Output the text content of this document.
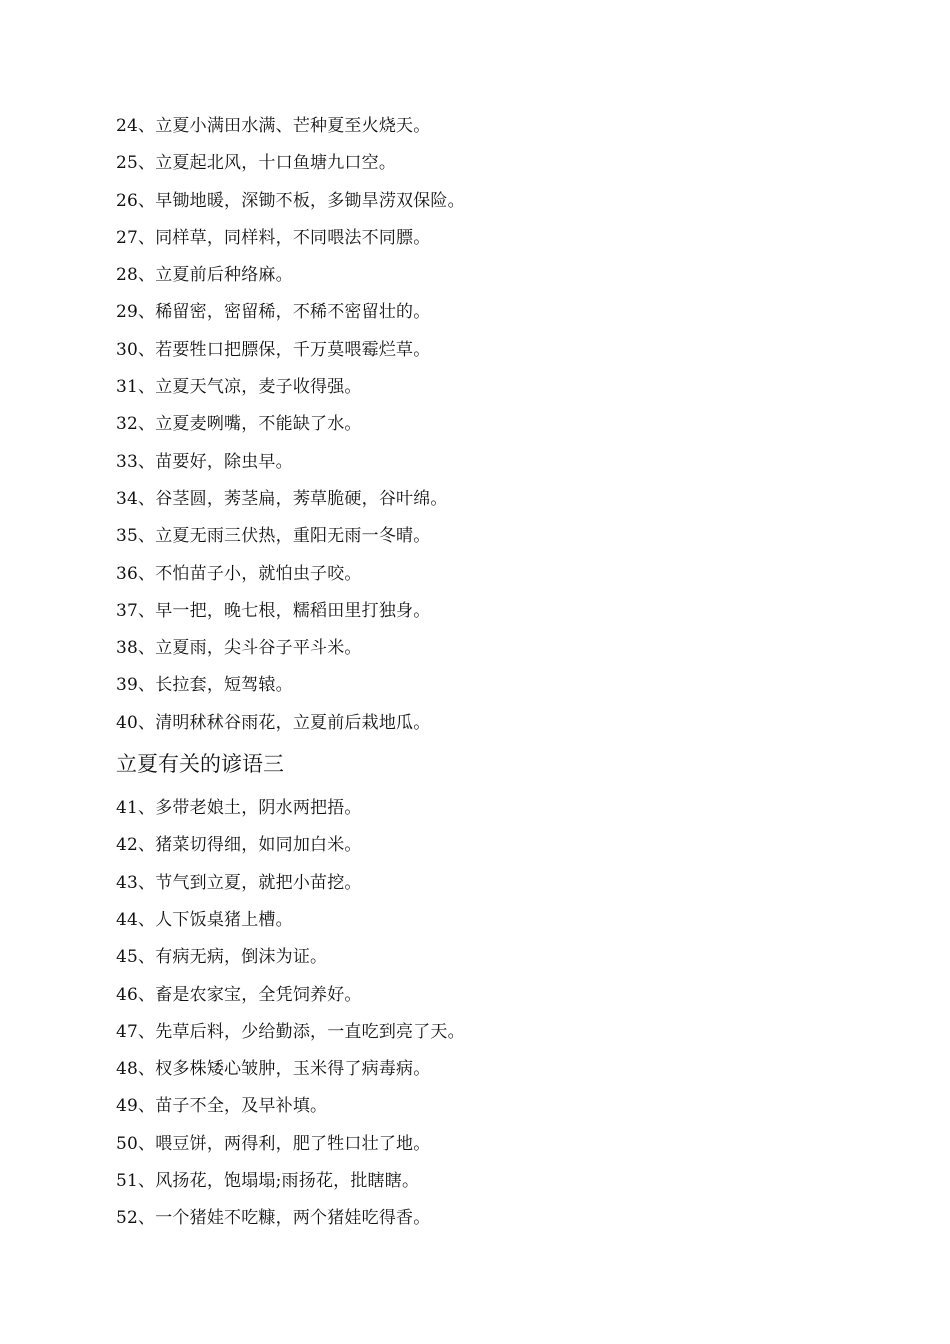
24、立夏小满田水满、芒种夏至火烧天。
25、立夏起北风，十口鱼塘九口空。
26、早锄地暖，深锄不板，多锄旱涝双保险。
27、同样草，同样料，不同喂法不同膘。
28、立夏前后种络麻。
29、稀留密，密留稀，不稀不密留壮的。
30、若要牲口把膘保，千万莫喂霉烂草。
31、立夏天气凉，麦子收得强。
32、立夏麦咧嘴，不能缺了水。
33、苗要好，除虫早。
34、谷茎圆，莠茎扁，莠草脆硬，谷叶绵。
35、立夏无雨三伏热，重阳无雨一冬晴。
36、不怕苗子小，就怕虫子咬。
37、早一把，晚七根，糯稻田里打独身。
38、立夏雨，尖斗谷子平斗米。
39、长拉套，短驾辕。
40、清明秫秫谷雨花，立夏前后栽地瓜。
立夏有关的谚语三
41、多带老娘土，阴水两把捂。
42、猪菜切得细，如同加白米。
43、节气到立夏，就把小苗挖。
44、人下饭桌猪上槽。
45、有病无病，倒沫为证。
46、畜是农家宝，全凭饲养好。
47、先草后料，少给勤添，一直吃到亮了天。
48、杈多株矮心皱肿，玉米得了病毒病。
49、苗子不全，及早补填。
50、喂豆饼，两得利，肥了牲口壮了地。
51、风扬花，饱塌塌;雨扬花，批瞎瞎。
52、一个猪娃不吃糠，两个猪娃吃得香。
